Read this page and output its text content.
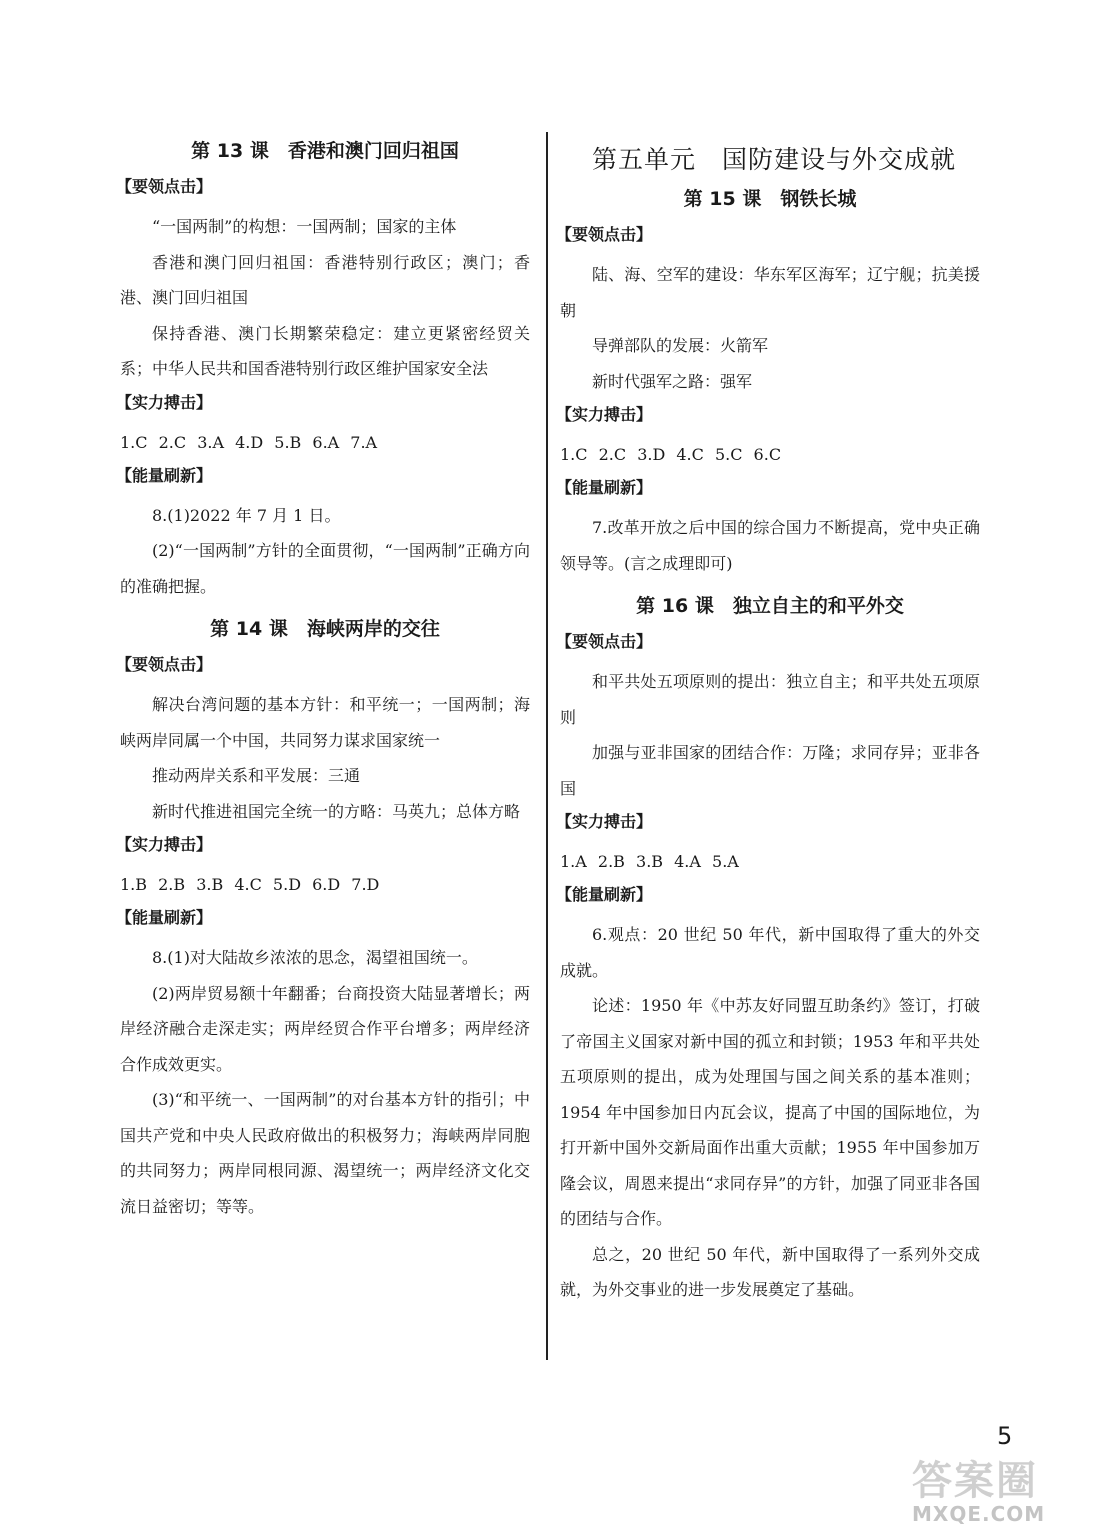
第 13 课　香港和澳门回归祖国
【要领点击】

“一国两制”的构想：一国两制；国家的主体

香港和澳门回归祖国：香港特别行政区；澳门；香港、澳门回归祖国

保持香港、澳门长期繁荣稳定：建立更紧密经贸关系；中华人民共和国香港特别行政区维护国家安全法

【实力搏击】
1.C 2.C 3.A 4.D 5.B 6.A 7.A
【能量刷新】

8.(1)2022 年 7 月 1 日。

(2)“一国两制”方针的全面贯彻，“一国两制”正确方向的准确把握。

第 14 课　海峡两岸的交往
【要领点击】

解决台湾问题的基本方针：和平统一；一国两制；海峡两岸同属一个中国，共同努力谋求国家统一

推动两岸关系和平发展：三通

新时代推进祖国完全统一的方略：马英九；总体方略

【实力搏击】
1.B 2.B 3.B 4.C 5.D 6.D 7.D
【能量刷新】

8.(1)对大陆故乡浓浓的思念，渴望祖国统一。

(2)两岸贸易额十年翻番；台商投资大陆显著增长；两岸经济融合走深走实；两岸经贸合作平台增多；两岸经济合作成效更实。

(3)“和平统一、一国两制”的对台基本方针的指引；中国共产党和中央人民政府做出的积极努力；海峡两岸同胞的共同努力；两岸同根同源、渴望统一；两岸经济文化交流日益密切；等等。

第五单元　国防建设与外交成就
第 15 课　钢铁长城
【要领点击】

陆、海、空军的建设：华东军区海军；辽宁舰；抗美援朝

导弹部队的发展：火箭军

新时代强军之路：强军

【实力搏击】
1.C 2.C 3.D 4.C 5.C 6.C
【能量刷新】

7.改革开放之后中国的综合国力不断提高，党中央正确领导等。(言之成理即可)

第 16 课　独立自主的和平外交
【要领点击】

和平共处五项原则的提出：独立自主；和平共处五项原则

加强与亚非国家的团结合作：万隆；求同存异；亚非各国

【实力搏击】
1.A 2.B 3.B 4.A 5.A
【能量刷新】

6.观点：20 世纪 50 年代，新中国取得了重大的外交成就。

论述：1950 年《中苏友好同盟互助条约》签订，打破了帝国主义国家对新中国的孤立和封锁；1953 年和平共处五项原则的提出，成为处理国与国之间关系的基本准则；1954 年中国参加日内瓦会议，提高了中国的国际地位，为打开新中国外交新局面作出重大贡献；1955 年中国参加万隆会议，周恩来提出“求同存异”的方针，加强了同亚非各国的团结与合作。

总之，20 世纪 50 年代，新中国取得了一系列外交成就，为外交事业的进一步发展奠定了基础。

5
答案圈
MXQE.COM
